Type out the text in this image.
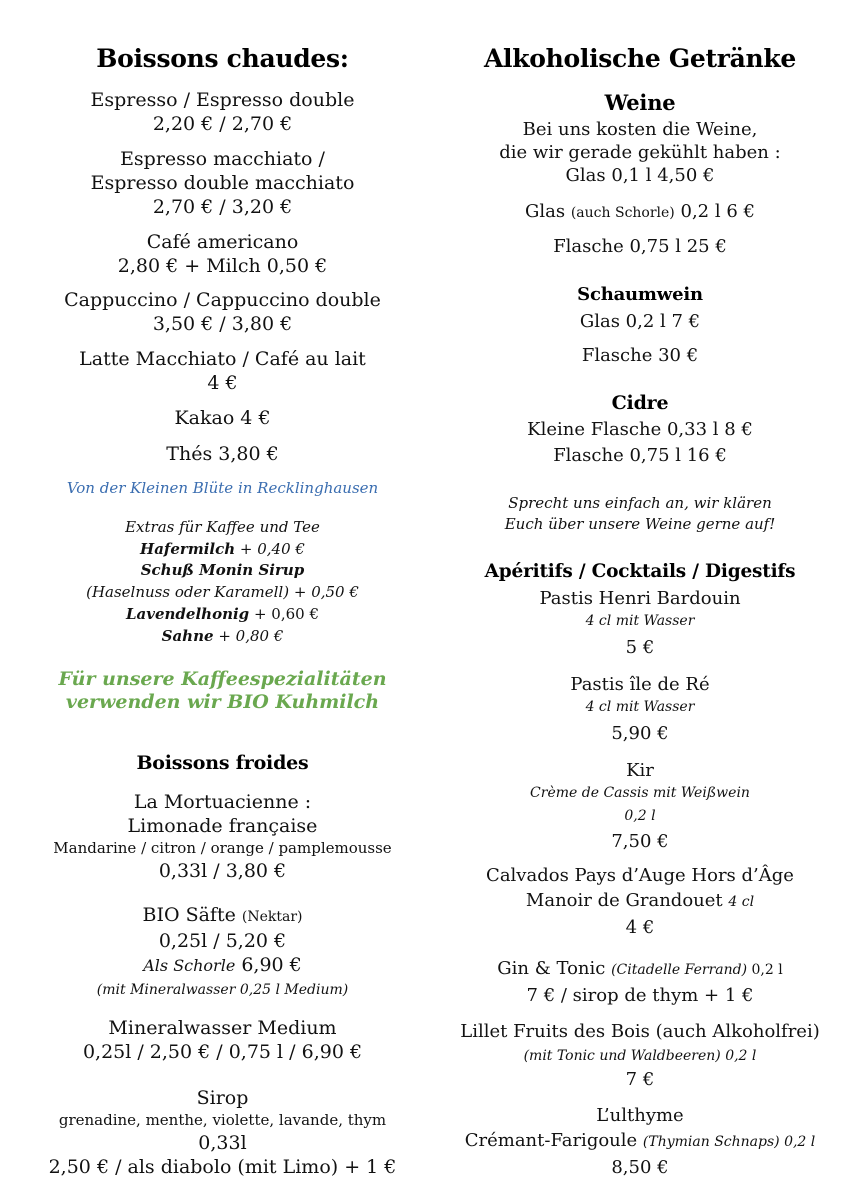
Boissons chaudes:
Espresso / Espresso double
2,20 € / 2,70 €
Espresso macchiato /
Espresso double macchiato
2,70 € / 3,20 €
Café americano
2,80 € + Milch 0,50 €
Cappuccino / Cappuccino double
3,50 € / 3,80 €
Latte Macchiato / Café au lait
4 €
Kakao 4 €
Thés 3,80 €
Von der Kleinen Blüte in Recklinghausen
Extras für Kaffee und Tee
Hafermilch + 0,40 €
Schuß Monin Sirup
(Haselnuss oder Karamell) + 0,50 €
Lavendelhonig + 0,60 €
Sahne + 0,80 €
Für unsere Kaffeespezialitäten
verwenden wir BIO Kuhmilch
Boissons froides
La Mortuacienne :
Limonade française
Mandarine / citron / orange / pamplemousse
0,33l / 3,80 €
BIO Säfte (Nektar)
0,25l / 5,20 €
Als Schorle 6,90 €
(mit Mineralwasser 0,25 l Medium)
Mineralwasser Medium
0,25l / 2,50 € / 0,75 l / 6,90 €
Sirop
grenadine, menthe, violette, lavande, thym
0,33l
2,50 € / als diabolo (mit Limo) + 1 €
Alkoholische Getränke
Weine
Bei uns kosten die Weine,
die wir gerade gekühlt haben :
Glas 0,1 l 4,50 €
Glas (auch Schorle) 0,2 l 6 €
Flasche 0,75 l 25 €
Schaumwein
Glas 0,2 l 7 €
Flasche 30 €
Cidre
Kleine Flasche 0,33 l 8 €
Flasche 0,75 l 16 €
Sprecht uns einfach an, wir klären
Euch über unsere Weine gerne auf!
Apéritifs / Cocktails / Digestifs
Pastis Henri Bardouin
4 cl mit Wasser
5 €
Pastis île de Ré
4 cl mit Wasser
5,90 €
Kir
Crème de Cassis mit Weißwein
0,2 l
7,50 €
Calvados Pays d’Auge Hors d’Âge
Manoir de Grandouet 4 cl
4 €
Gin & Tonic (Citadelle Ferrand) 0,2 l
7 € / sirop de thym + 1 €
Lillet Fruits des Bois (auch Alkoholfrei)
(mit Tonic und Waldbeeren) 0,2 l
7 €
L’ulthyme
Crémant-Farigoule (Thymian Schnaps) 0,2 l
8,50 €
